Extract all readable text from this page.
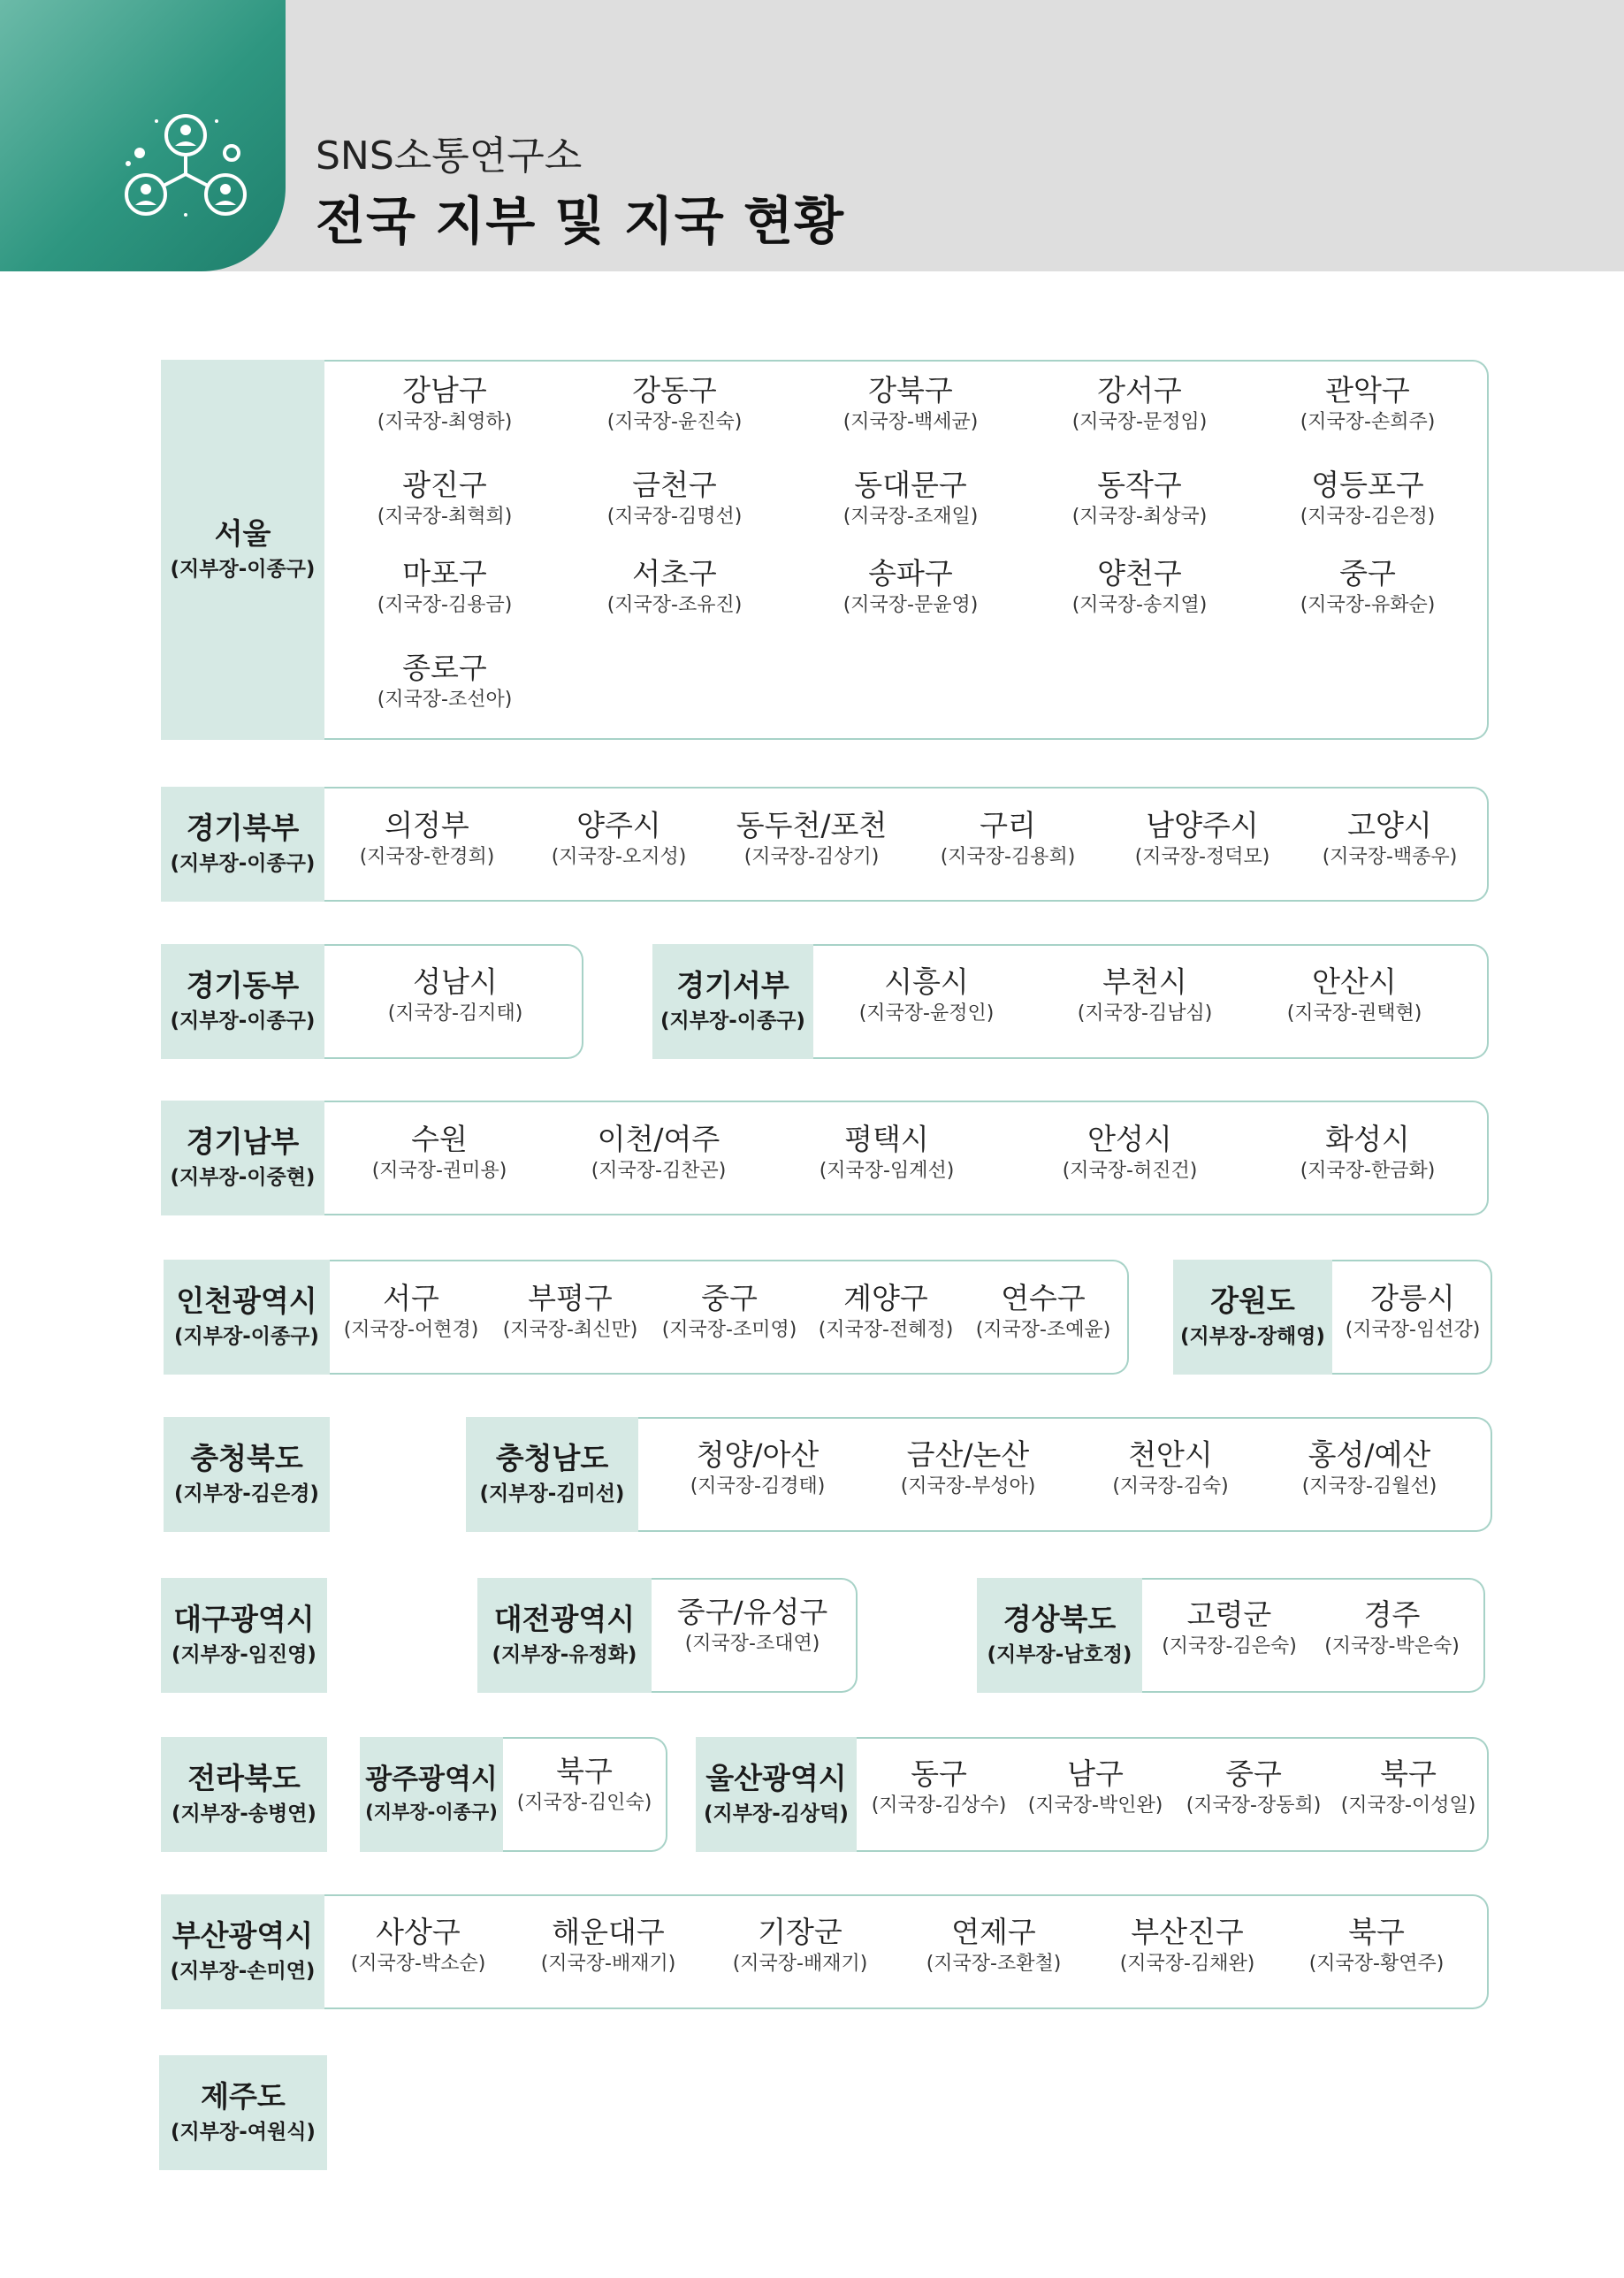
SNS소통연구소
전국 지부 및 지국 현황
서울
(지부장-이종구)
강남구
(지국장-최영하)
강동구
(지국장-윤진숙)
강북구
(지국장-백세균)
강서구
(지국장-문정임)
관악구
(지국장-손희주)
광진구
(지국장-최혁희)
금천구
(지국장-김명선)
동대문구
(지국장-조재일)
동작구
(지국장-최상국)
영등포구
(지국장-김은정)
마포구
(지국장-김용금)
서초구
(지국장-조유진)
송파구
(지국장-문윤영)
양천구
(지국장-송지열)
중구
(지국장-유화순)
종로구
(지국장-조선아)
경기북부
(지부장-이종구)
의정부
(지국장-한경희)
양주시
(지국장-오지성)
동두천/포천
(지국장-김상기)
구리
(지국장-김용희)
남양주시
(지국장-정덕모)
고양시
(지국장-백종우)
경기동부
(지부장-이종구)
성남시
(지국장-김지태)
경기서부
(지부장-이종구)
시흥시
(지국장-윤정인)
부천시
(지국장-김남심)
안산시
(지국장-권택현)
경기남부
(지부장-이중현)
수원
(지국장-권미용)
이천/여주
(지국장-김찬곤)
평택시
(지국장-임계선)
안성시
(지국장-허진건)
화성시
(지국장-한금화)
인천광역시
(지부장-이종구)
서구
(지국장-어현경)
부평구
(지국장-최신만)
중구
(지국장-조미영)
계양구
(지국장-전혜정)
연수구
(지국장-조예윤)
강원도
(지부장-장해영)
강릉시
(지국장-임선강)
충청북도
(지부장-김은경)
충청남도
(지부장-김미선)
청양/아산
(지국장-김경태)
금산/논산
(지국장-부성아)
천안시
(지국장-김숙)
홍성/예산
(지국장-김월선)
대구광역시
(지부장-임진영)
대전광역시
(지부장-유정화)
중구/유성구
(지국장-조대연)
경상북도
(지부장-남호정)
고령군
(지국장-김은숙)
경주
(지국장-박은숙)
전라북도
(지부장-송병연)
광주광역시
(지부장-이종구)
북구
(지국장-김인숙)
울산광역시
(지부장-김상덕)
동구
(지국장-김상수)
남구
(지국장-박인완)
중구
(지국장-장동희)
북구
(지국장-이성일)
부산광역시
(지부장-손미연)
사상구
(지국장-박소순)
해운대구
(지국장-배재기)
기장군
(지국장-배재기)
연제구
(지국장-조환철)
부산진구
(지국장-김채완)
북구
(지국장-황연주)
제주도
(지부장-여원식)
